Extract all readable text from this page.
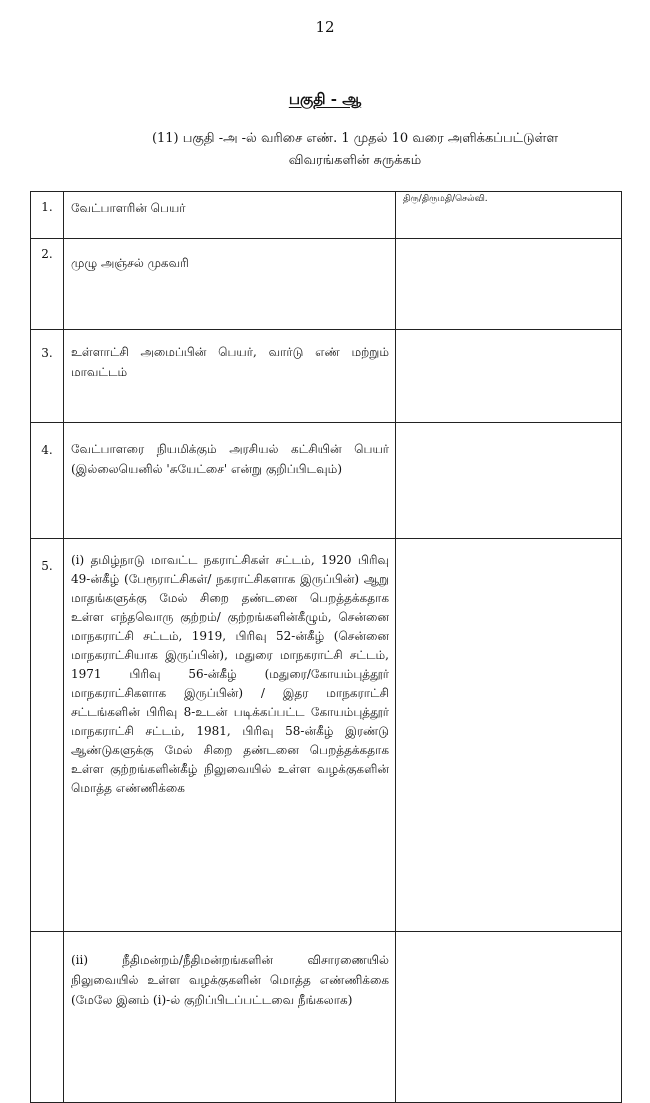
12
பகுதி - ஆ
(11) பகுதி -அ -ல் வரிசை எண். 1 முதல் 10 வரை அளிக்கப்பட்டுள்ள
விவரங்களின் சுருக்கம்
1.	வேட்பாளரின் பெயர்	திரு/திருமதி/செல்வி.
2.	முழு அஞ்சல் முகவரி	
3.	உள்ளாட்சி அமைப்பின் பெயர், வார்டு எண் மற்றும் மாவட்டம்	
4.	வேட்பாளரை நியமிக்கும் அரசியல் கட்சியின் பெயர் (இல்லையெனில் 'சுயேட்சை' என்று குறிப்பிடவும்)	
5.	(i) தமிழ்நாடு மாவட்ட நகராட்சிகள் சட்டம், 1920 பிரிவு 49-ன்கீழ் (பேரூராட்சிகள்/ நகராட்சிகளாக இருப்பின்) ஆறு மாதங்களுக்கு மேல் சிறை தண்டனை பெறத்தக்கதாக உள்ள எந்தவொரு குற்றம்/ குற்றங்களின்கீழும், சென்னை மாநகராட்சி சட்டம், 1919, பிரிவு 52-ன்கீழ் (சென்னை மாநகராட்சியாக இருப்பின்), மதுரை மாநகராட்சி சட்டம், 1971 பிரிவு 56-ன்கீழ் (மதுரை/கோயம்புத்தூர் மாநகராட்சிகளாக இருப்பின்) / இதர மாநகராட்சி சட்டங்களின் பிரிவு 8-உடன் படிக்கப்பட்ட கோயம்புத்தூர் மாநகராட்சி சட்டம், 1981, பிரிவு 58-ன்கீழ் இரண்டு ஆண்டுகளுக்கு மேல் சிறை தண்டனை பெறத்தக்கதாக உள்ள குற்றங்களின்கீழ் நிலுவையில் உள்ள வழக்குகளின் மொத்த எண்ணிக்கை	
	(ii) நீதிமன்றம்/நீதிமன்றங்களின் விசாரணையில் நிலுவையில் உள்ள வழக்குகளின் மொத்த எண்ணிக்கை (மேலே இனம் (i)-ல் குறிப்பிடப்பட்டவை நீங்கலாக)	
